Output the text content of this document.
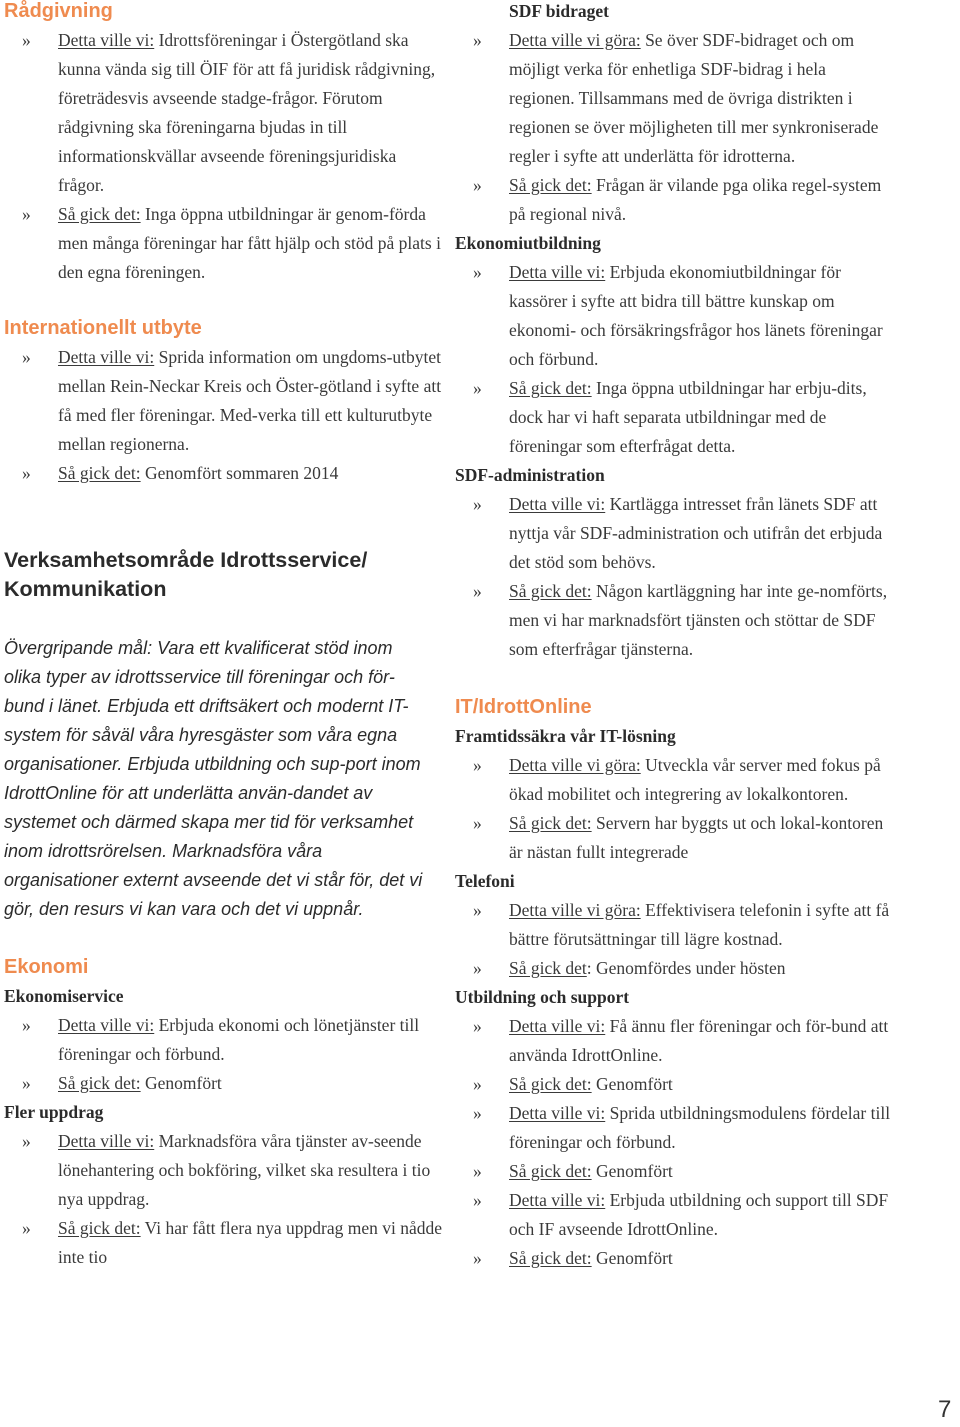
Rådgivning

» Detta ville vi: Idrottsföreningar i Östergötland ska kunna vända sig till ÖIF för att få juridisk rådgivning, företrädesvis avseende stadge-frågor. Förutom rådgivning ska föreningarna bjudas in till informationskvällar avseende föreningsjuridiska frågor.

» Så gick det: Inga öppna utbildningar är genom-förda men många föreningar har fått hjälp och stöd på plats i den egna föreningen.

Internationellt utbyte

» Detta ville vi: Sprida information om ungdoms-utbytet mellan Rein-Neckar Kreis och Öster-götland i syfte att få med fler föreningar. Med-verka till ett kulturutbyte mellan regionerna.

» Så gick det: Genomfört sommaren 2014

Verksamhetsområde Idrottsservice/ Kommunikation

Övergripande mål: Vara ett kvalificerat stöd inom olika typer av idrottsservice till föreningar och för-bund i länet. Erbjuda ett driftsäkert och modernt IT-system för såväl våra hyresgäster som våra egna organisationer. Erbjuda utbildning och sup-port inom IdrottOnline för att underlätta använ-dandet av systemet och därmed skapa mer tid för verksamhet inom idrottsrörelsen. Marknadsföra våra organisationer externt avseende det vi står för, det vi gör, den resurs vi kan vara och det vi uppnår.

Ekonomi
Ekonomiservice

» Detta ville vi: Erbjuda ekonomi och lönetjänster till föreningar och förbund.

» Så gick det: Genomfört

Fler uppdrag

» Detta ville vi: Marknadsföra våra tjänster av-seende lönehantering och bokföring, vilket ska resultera i tio nya uppdrag.

» Så gick det: Vi har fått flera nya uppdrag men vi nådde inte tio

SDF bidraget

» Detta ville vi göra: Se över SDF-bidraget och om möjligt verka för enhetliga SDF-bidrag i hela regionen. Tillsammans med de övriga distrikten i regionen se över möjligheten till mer synkroniserade regler i syfte att underlätta för idrotterna.

» Så gick det: Frågan är vilande pga olika regel-system på regional nivå.

Ekonomiutbildning

» Detta ville vi: Erbjuda ekonomiutbildningar för kassörer i syfte att bidra till bättre kunskap om ekonomi- och försäkringsfrågor hos länets föreningar och förbund.

» Så gick det: Inga öppna utbildningar har erbju-dits, dock har vi haft separata utbildningar med de föreningar som efterfrågat detta.

SDF-administration

» Detta ville vi: Kartlägga intresset från länets SDF att nyttja vår SDF-administration och utifrån det erbjuda det stöd som behövs.

» Så gick det: Någon kartläggning har inte ge-nomförts, men vi har marknadsfört tjänsten och stöttar de SDF som efterfrågar tjänsterna.

IT/IdrottOnline
Framtidssäkra vår IT-lösning

» Detta ville vi göra: Utveckla vår server med fokus på ökad mobilitet och integrering av lokalkontoren.

» Så gick det: Servern har byggts ut och lokal-kontoren är nästan fullt integrerade

Telefoni

» Detta ville vi göra: Effektivisera telefonin i syfte att få bättre förutsättningar till lägre kostnad.

» Så gick det: Genomfördes under hösten

Utbildning och support

» Detta ville vi: Få ännu fler föreningar och för-bund att använda IdrottOnline.

» Så gick det: Genomfört

» Detta ville vi: Sprida utbildningsmodulens fördelar till föreningar och förbund.

» Så gick det: Genomfört

» Detta ville vi: Erbjuda utbildning och support till SDF och IF avseende IdrottOnline.

» Så gick det: Genomfört

7
